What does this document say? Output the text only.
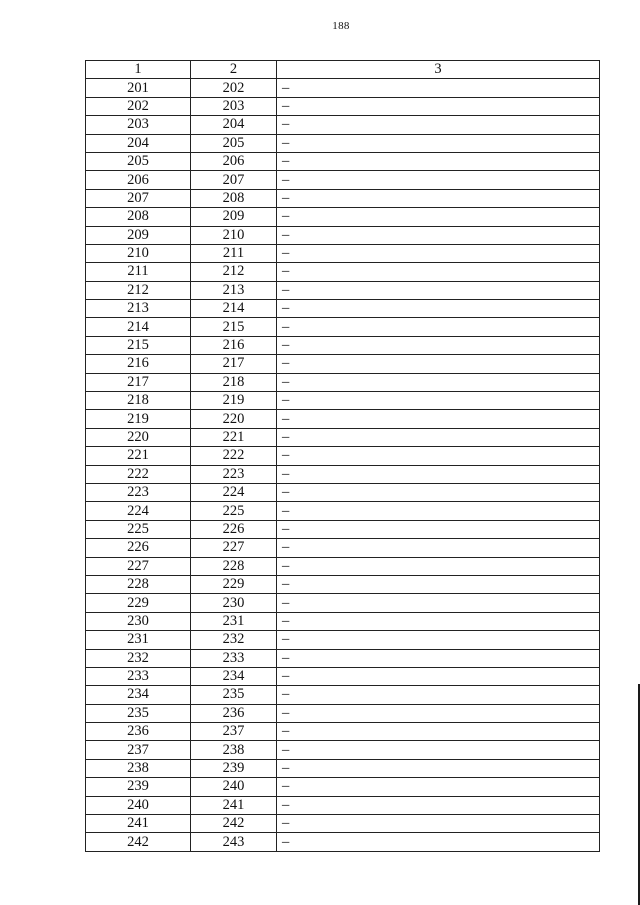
188
1	2	3
201	202	–
202	203	–
203	204	–
204	205	–
205	206	–
206	207	–
207	208	–
208	209	–
209	210	–
210	211	–
211	212	–
212	213	–
213	214	–
214	215	–
215	216	–
216	217	–
217	218	–
218	219	–
219	220	–
220	221	–
221	222	–
222	223	–
223	224	–
224	225	–
225	226	–
226	227	–
227	228	–
228	229	–
229	230	–
230	231	–
231	232	–
232	233	–
233	234	–
234	235	–
235	236	–
236	237	–
237	238	–
238	239	–
239	240	–
240	241	–
241	242	–
242	243	–
